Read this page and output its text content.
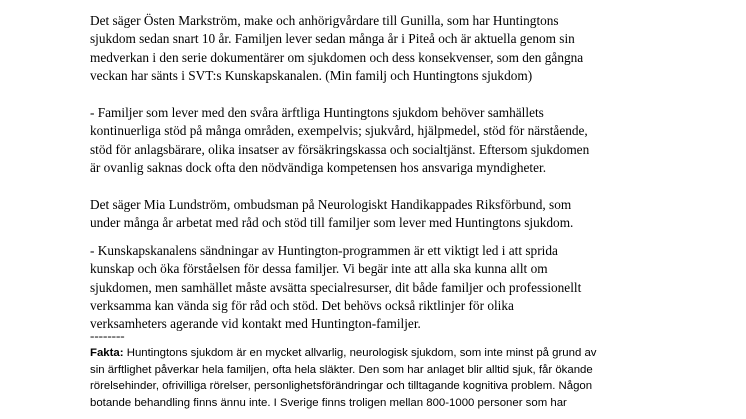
Det säger Östen Markström, make och anhörigvårdare till Gunilla, som har Huntingtons
sjukdom sedan snart 10 år. Familjen lever sedan många år i Piteå och är aktuella genom sin
medverkan i den serie dokumentärer om sjukdomen och dess konsekvenser, som den gångna
veckan har sänts i SVT:s Kunskapskanalen. (Min familj och Huntingtons sjukdom)

- Familjer som lever med den svåra ärftliga Huntingtons sjukdom behöver samhällets
kontinuerliga stöd på många områden, exempelvis; sjukvård, hjälpmedel, stöd för närstående,
stöd för anlagsbärare, olika insatser av försäkringskassa och socialtjänst. Eftersom sjukdomen
är ovanlig saknas dock ofta den nödvändiga kompetensen hos ansvariga myndigheter.

Det säger Mia Lundström, ombudsman på Neurologiskt Handikappades Riksförbund, som
under många år arbetat med råd och stöd till familjer som lever med Huntingtons sjukdom.

- Kunskapskanalens sändningar av Huntington-programmen är ett viktigt led i att sprida
kunskap och öka förståelsen för dessa familjer. Vi begär inte att alla ska kunna allt om
sjukdomen, men samhället måste avsätta specialresurser, dit både familjer och professionellt
verksamma kan vända sig för råd och stöd. Det behövs också riktlinjer för olika
verksamheters agerande vid kontakt med Huntington-familjer.

--------

Fakta: Huntingtons sjukdom är en mycket allvarlig, neurologisk sjukdom, som inte minst på grund av
sin ärftlighet påverkar hela familjen, ofta hela släkter. Den som har anlaget blir alltid sjuk, får ökande
rörelsehinder, ofrivilliga rörelser, personlighetsförändringar och tilltagande kognitiva problem. Någon
botande behandling finns ännu inte. I Sverige finns troligen mellan 800-1000 personer som har
